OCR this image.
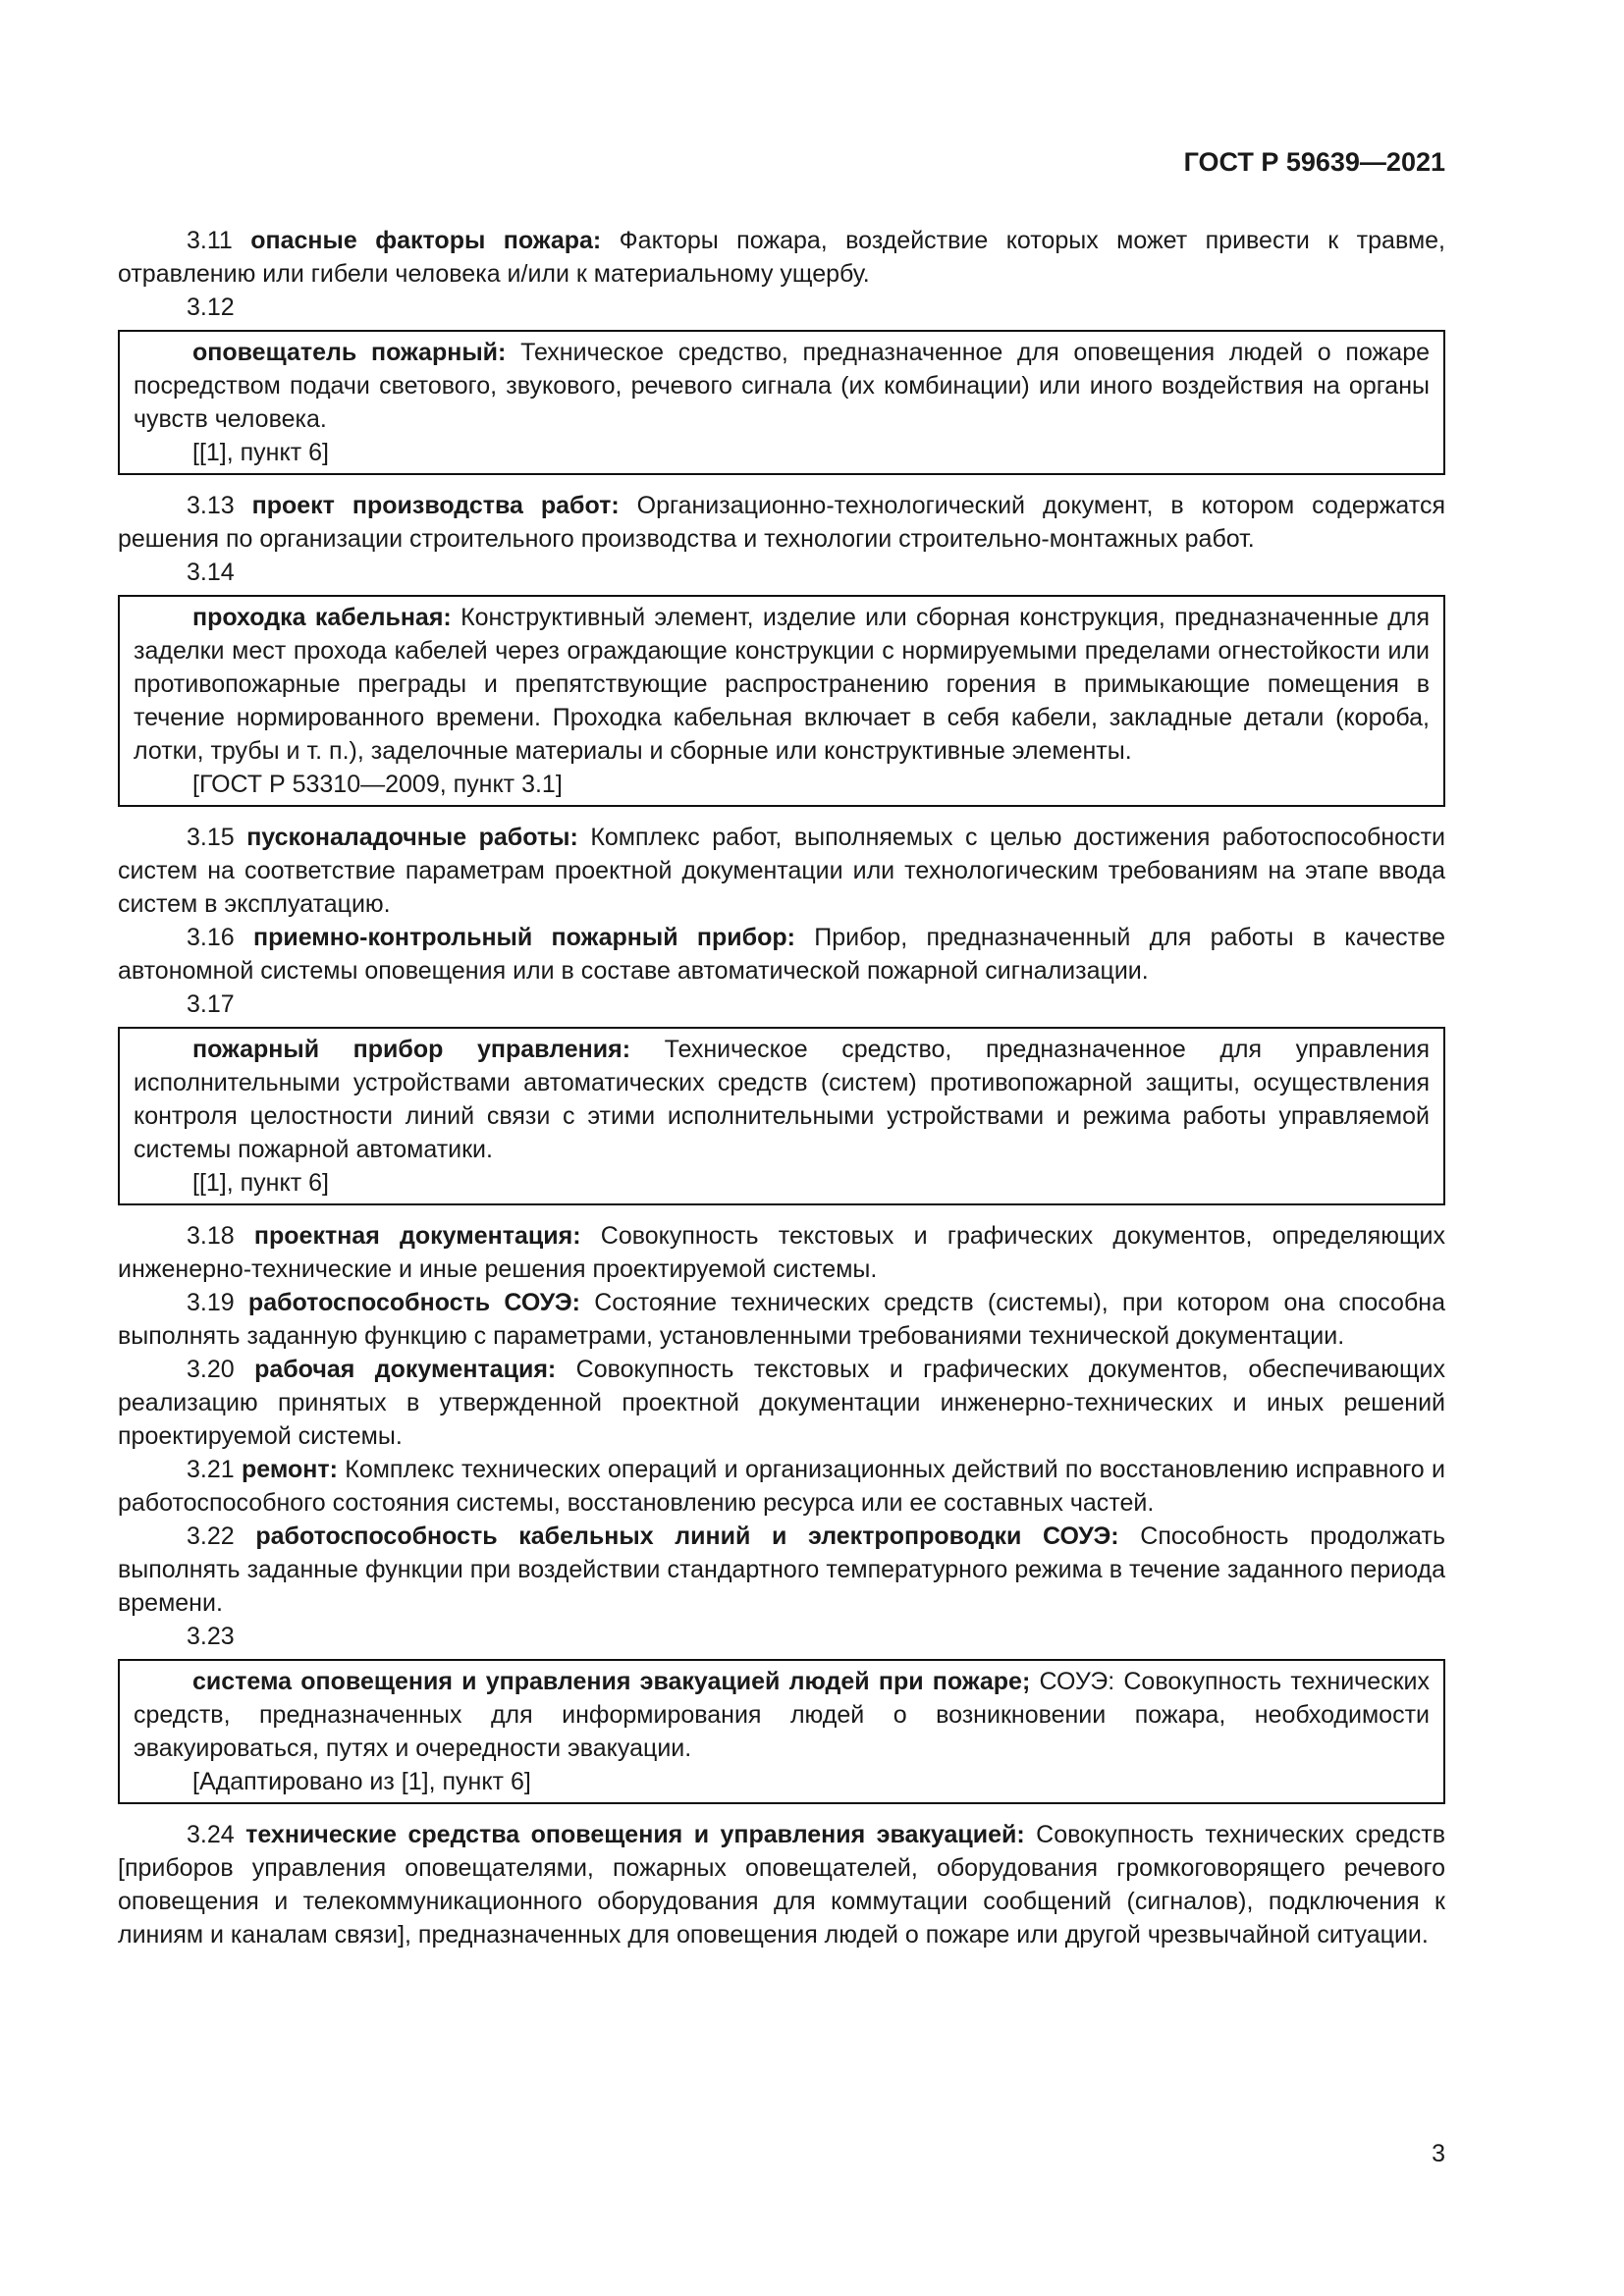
ГОСТ Р 59639—2021

3.11 опасные факторы пожара: Факторы пожара, воздействие которых может привести к травме, отравлению или гибели человека и/или к материальному ущербу.

3.12

оповещатель пожарный: Техническое средство, предназначенное для оповещения людей о пожаре посредством подачи светового, звукового, речевого сигнала (их комбинации) или иного воздействия на органы чувств человека.

[[1], пункт 6]

3.13 проект производства работ: Организационно-технологический документ, в котором содержатся решения по организации строительного производства и технологии строительно-монтажных работ.

3.14

проходка кабельная: Конструктивный элемент, изделие или сборная конструкция, предназначенные для заделки мест прохода кабелей через ограждающие конструкции с нормируемыми пределами огнестойкости или противопожарные преграды и препятствующие распространению горения в примыкающие помещения в течение нормированного времени. Проходка кабельная включает в себя кабели, закладные детали (короба, лотки, трубы и т. п.), заделочные материалы и сборные или конструктивные элементы.

[ГОСТ Р 53310—2009, пункт 3.1]

3.15 пусконаладочные работы: Комплекс работ, выполняемых с целью достижения работоспособности систем на соответствие параметрам проектной документации или технологическим требованиям на этапе ввода систем в эксплуатацию.

3.16 приемно-контрольный пожарный прибор: Прибор, предназначенный для работы в качестве автономной системы оповещения или в составе автоматической пожарной сигнализации.

3.17

пожарный прибор управления: Техническое средство, предназначенное для управления исполнительными устройствами автоматических средств (систем) противопожарной защиты, осуществления контроля целостности линий связи с этими исполнительными устройствами и режима работы управляемой системы пожарной автоматики.

[[1], пункт 6]

3.18 проектная документация: Совокупность текстовых и графических документов, определяющих инженерно-технические и иные решения проектируемой системы.

3.19 работоспособность СОУЭ: Состояние технических средств (системы), при котором она способна выполнять заданную функцию с параметрами, установленными требованиями технической документации.

3.20 рабочая документация: Совокупность текстовых и графических документов, обеспечивающих реализацию принятых в утвержденной проектной документации инженерно-технических и иных решений проектируемой системы.

3.21 ремонт: Комплекс технических операций и организационных действий по восстановлению исправного и работоспособного состояния системы, восстановлению ресурса или ее составных частей.

3.22 работоспособность кабельных линий и электропроводки СОУЭ: Способность продолжать выполнять заданные функции при воздействии стандартного температурного режима в течение заданного периода времени.

3.23

система оповещения и управления эвакуацией людей при пожаре; СОУЭ: Совокупность технических средств, предназначенных для информирования людей о возникновении пожара, необходимости эвакуироваться, путях и очередности эвакуации.

[Адаптировано из [1], пункт 6]

3.24 технические средства оповещения и управления эвакуацией: Совокупность технических средств [приборов управления оповещателями, пожарных оповещателей, оборудования громкоговорящего речевого оповещения и телекоммуникационного оборудования для коммутации сообщений (сигналов), подключения к линиям и каналам связи], предназначенных для оповещения людей о пожаре или другой чрезвычайной ситуации.

3
